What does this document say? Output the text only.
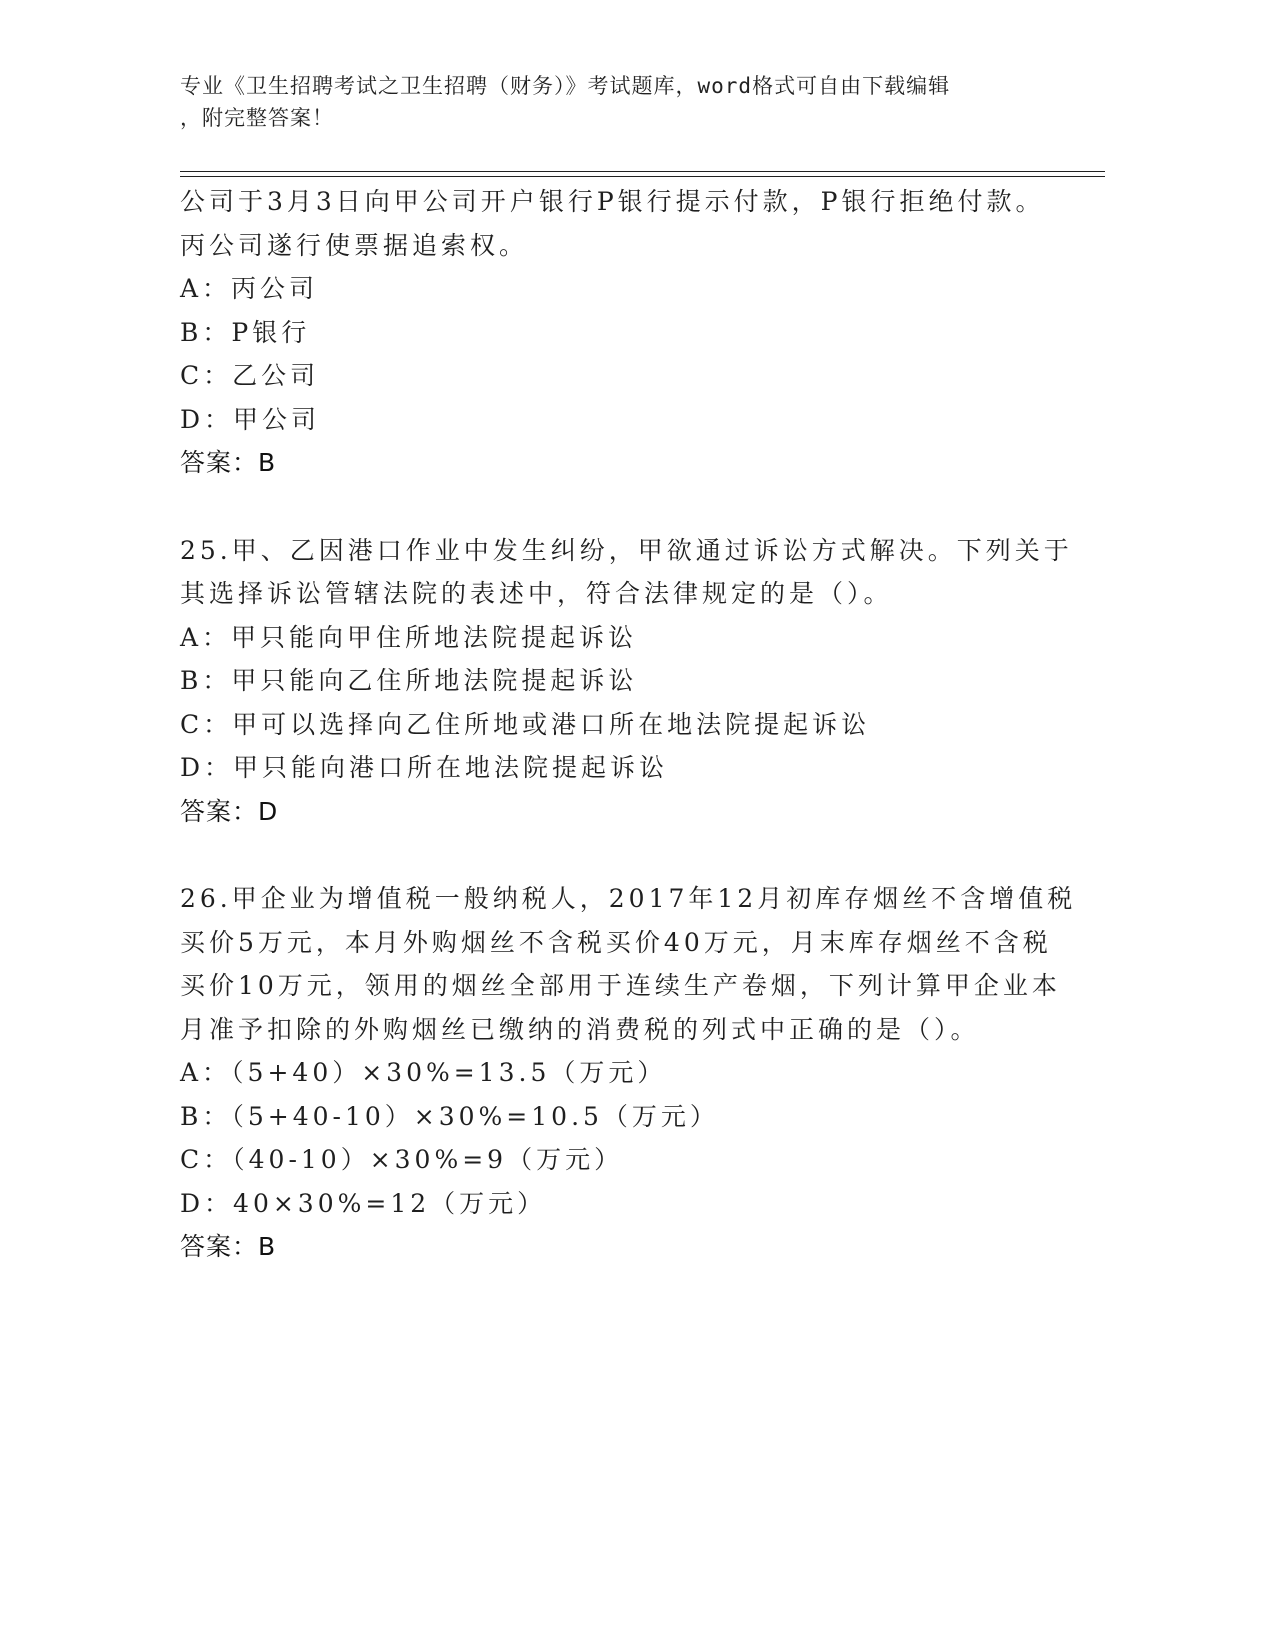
专业《卫生招聘考试之卫生招聘（财务）》考试题库，word格式可自由下载编辑
，附完整答案！
公司于3月3日向甲公司开户银行P银行提示付款，P银行拒绝付款。
丙公司遂行使票据追索权。
A：丙公司
B：P银行
C：乙公司
D：甲公司
答案：B
25.甲、乙因港口作业中发生纠纷，甲欲通过诉讼方式解决。下列关于
其选择诉讼管辖法院的表述中，符合法律规定的是（）。
A：甲只能向甲住所地法院提起诉讼
B：甲只能向乙住所地法院提起诉讼
C：甲可以选择向乙住所地或港口所在地法院提起诉讼
D：甲只能向港口所在地法院提起诉讼
答案：D
26.甲企业为增值税一般纳税人，2017年12月初库存烟丝不含增值税
买价5万元，本月外购烟丝不含税买价40万元，月末库存烟丝不含税
买价10万元，领用的烟丝全部用于连续生产卷烟，下列计算甲企业本
月准予扣除的外购烟丝已缴纳的消费税的列式中正确的是（）。
A：（5+40）×30%=13.5（万元）
B：（5+40-10）×30%=10.5（万元）
C：（40-10）×30%=9（万元）
D：40×30%=12（万元）
答案：B
